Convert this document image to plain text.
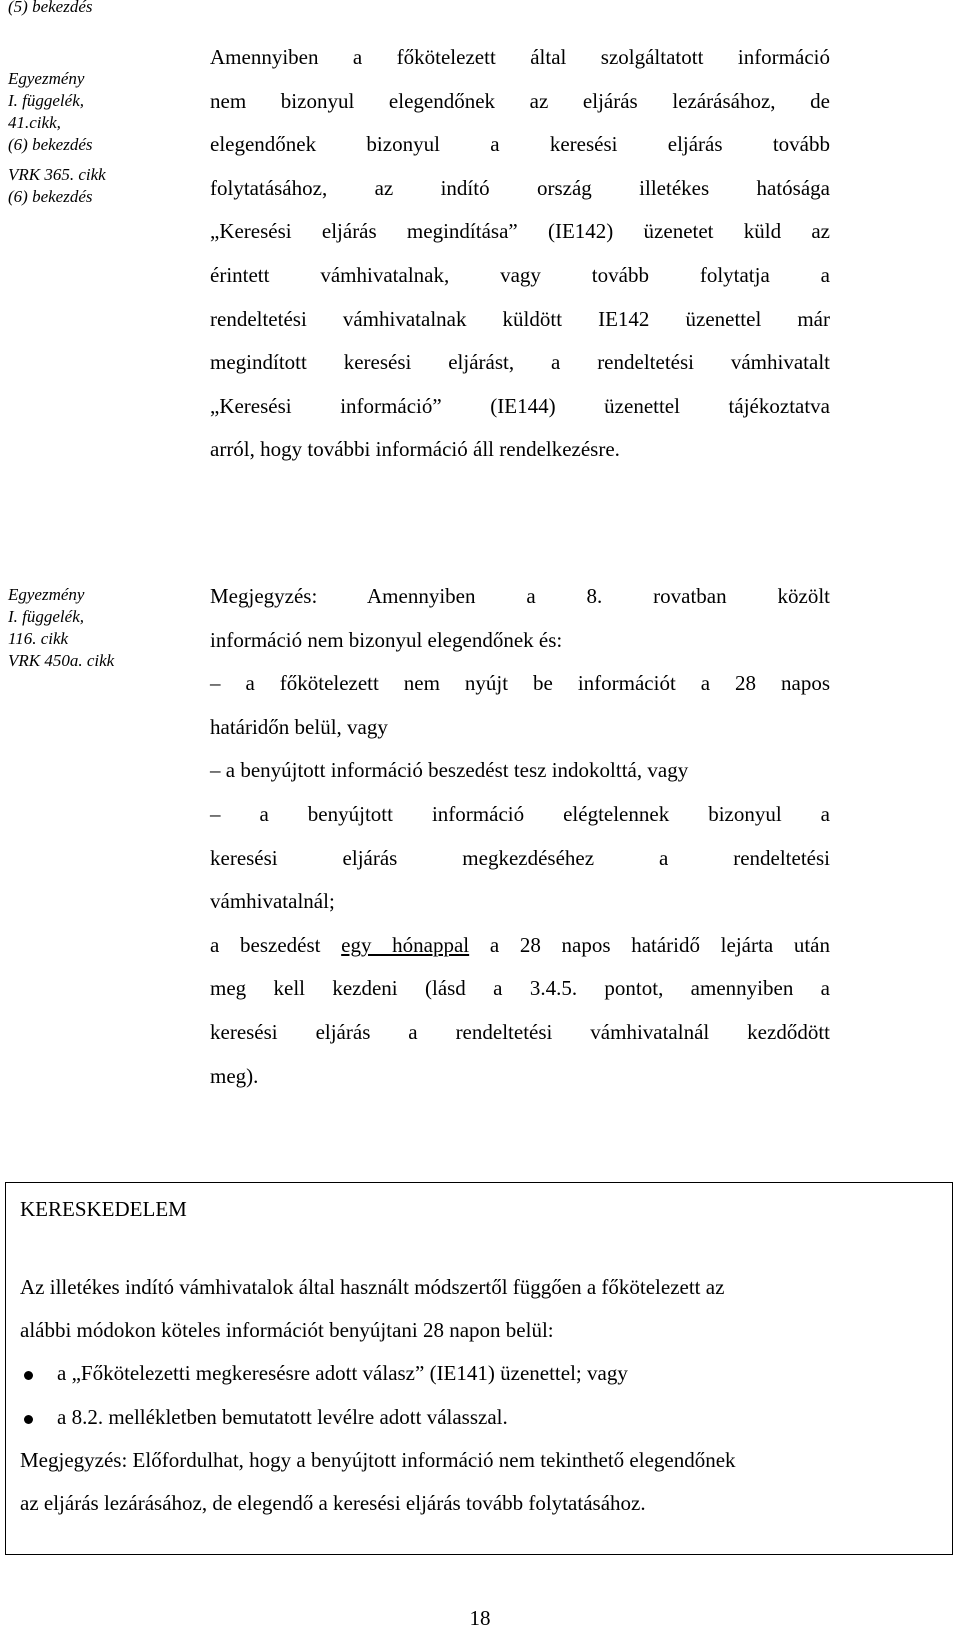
(5) bekezdés
Egyezmény
I. függelék,
41.cikk,
(6) bekezdés
VRK 365. cikk
(6) bekezdés
Amennyiben a főkötelezett által szolgáltatott információ
nem bizonyul elegendőnek az eljárás lezárásához, de
elegendőnek bizonyul a keresési eljárás tovább
folytatásához, az indító ország illetékes hatósága
„Keresési eljárás megindítása” (IE142) üzenetet küld az
érintett vámhivatalnak, vagy tovább folytatja a
rendeltetési vámhivatalnak küldött IE142 üzenettel már
megindított keresési eljárást, a rendeltetési vámhivatalt
„Keresési információ” (IE144) üzenettel tájékoztatva
arról, hogy további információ áll rendelkezésre.
Egyezmény
I. függelék,
116. cikk
VRK 450a. cikk
Megjegyzés: Amennyiben a 8. rovatban közölt
információ nem bizonyul elegendőnek és:
– a főkötelezett nem nyújt be információt a 28 napos
határidőn belül, vagy
– a benyújtott információ beszedést tesz indokolttá, vagy
– a benyújtott információ elégtelennek bizonyul a
keresési eljárás megkezdéséhez a rendeltetési
vámhivatalnál;
a beszedést egy hónappal a 28 napos határidő lejárta után
meg kell kezdeni (lásd a 3.4.5. pontot, amennyiben a
keresési eljárás a rendeltetési vámhivatalnál kezdődött
meg).
KERESKEDELEM
Az illetékes indító vámhivatalok által használt módszertől függően a főkötelezett az
alábbi módokon köteles információt benyújtani 28 napon belül:
a „Főkötelezetti megkeresésre adott válasz” (IE141) üzenettel; vagy
a 8.2. mellékletben bemutatott levélre adott válasszal.
Megjegyzés: Előfordulhat, hogy a benyújtott információ nem tekinthető elegendőnek
az eljárás lezárásához, de elegendő a keresési eljárás tovább folytatásához.
18
